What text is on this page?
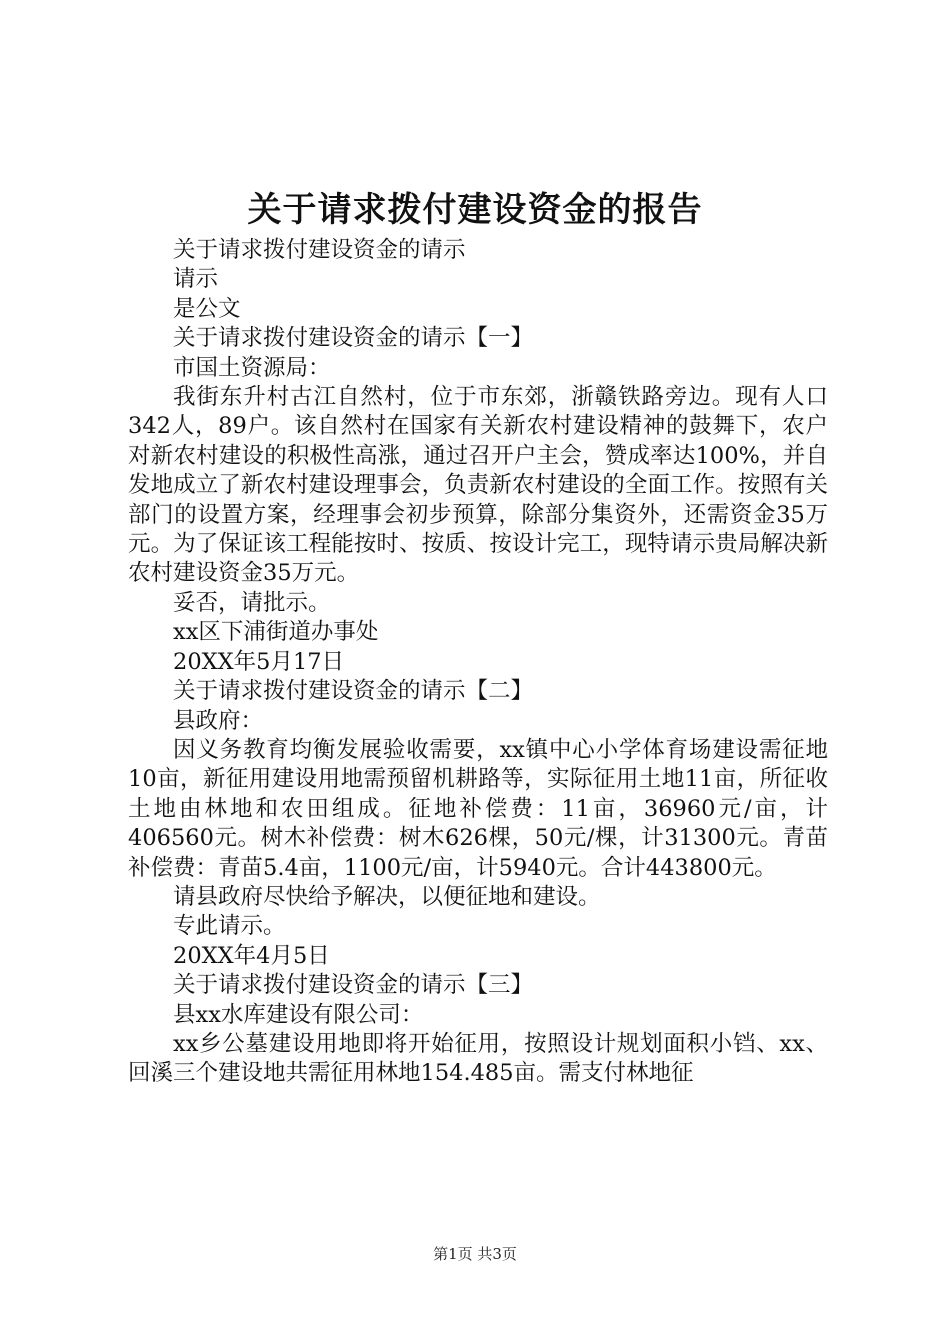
关于请求拨付建设资金的报告

关于请求拨付建设资金的请示

请示

是公文

关于请求拨付建设资金的请示【一】

市国土资源局：

我街东升村古江自然村，位于市东郊，浙赣铁路旁边。现有人口342人，89户。该自然村在国家有关新农村建设精神的鼓舞下，农户对新农村建设的积极性高涨，通过召开户主会，赞成率达100%，并自发地成立了新农村建设理事会，负责新农村建设的全面工作。按照有关部门的设置方案，经理事会初步预算，除部分集资外，还需资金35万元。为了保证该工程能按时、按质、按设计完工，现特请示贵局解决新农村建设资金35万元。

妥否，请批示。

xx区下浦街道办事处

20XX年5月17日

关于请求拨付建设资金的请示【二】

县政府：

因义务教育均衡发展验收需要，xx镇中心小学体育场建设需征地10亩，新征用建设用地需预留机耕路等，实际征用土地11亩，所征收土地由林地和农田组成。征地补偿费：11亩，36960元/亩，计406560元。树木补偿费：树木626棵，50元/棵，计31300元。青苗补偿费：青苗5.4亩，1100元/亩，计5940元。合计443800元。

请县政府尽快给予解决，以便征地和建设。

专此请示。

20XX年4月5日

关于请求拨付建设资金的请示【三】

县xx水库建设有限公司：

xx乡公墓建设用地即将开始征用，按照设计规划面积小铛、xx、回溪三个建设地共需征用林地154.485亩。需支付林地征

第1页 共3页
